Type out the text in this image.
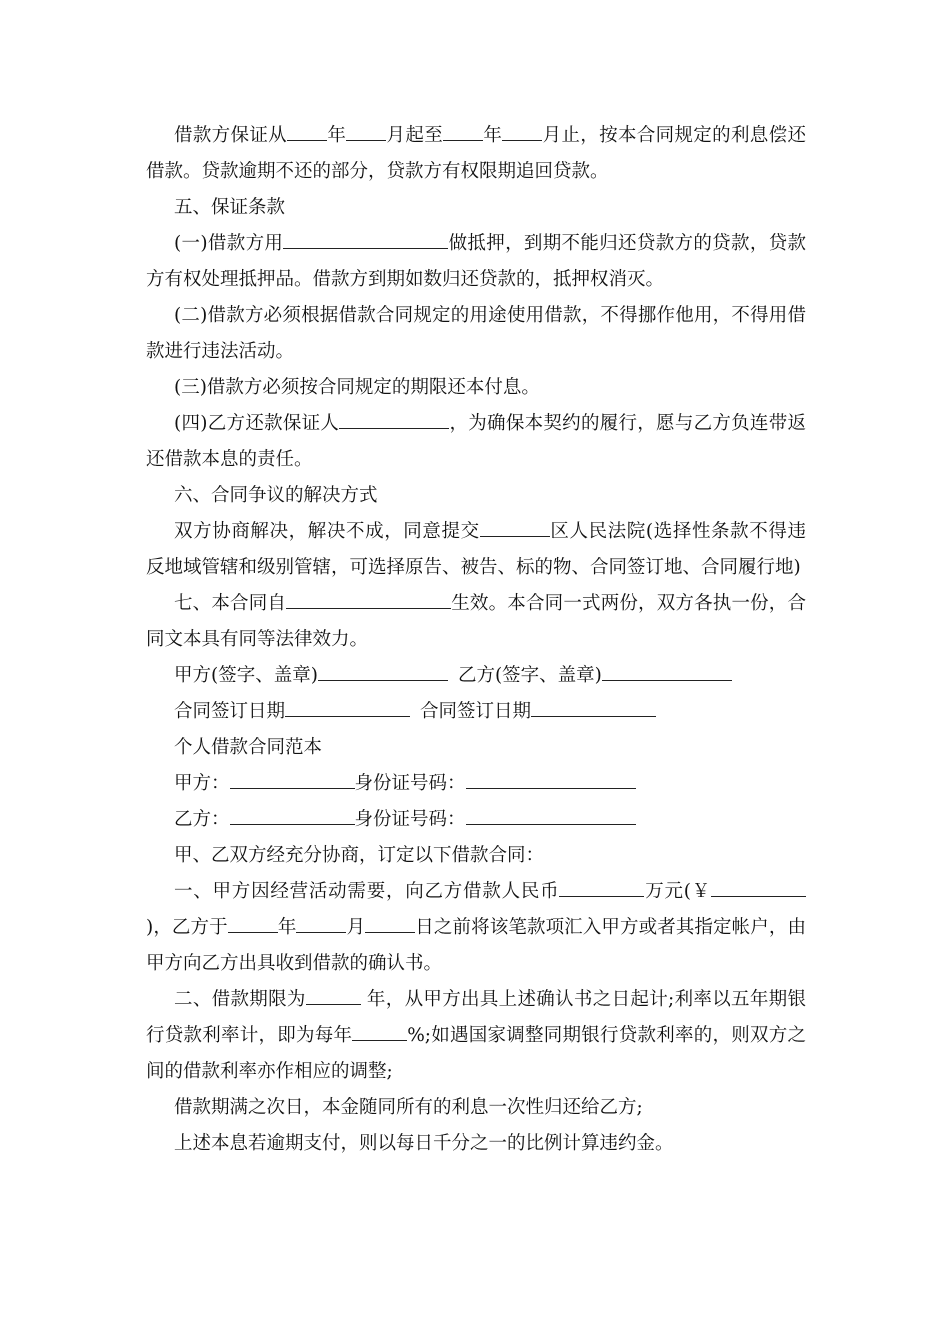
借款方保证从 年 月起至 年 月止，按本合同规定的利息偿还借款。贷款逾期不还的部分，贷款方有权限期追回贷款。

五、保证条款

(一)借款方用	做抵押，到期不能归还贷款方的贷款，贷款方有权处理抵押品。借款方到期如数归还贷款的，抵押权消灭。

(二)借款方必须根据借款合同规定的用途使用借款，不得挪作他用，不得用借款进行违法活动。

(三)借款方必须按合同规定的期限还本付息。

(四)乙方还款保证人	，为确保本契约的履行，愿与乙方负连带返还借款本息的责任。

六、合同争议的解决方式

双方协商解决，解决不成，同意提交	区人民法院(选择性条款不得违反地域管辖和级别管辖，可选择原告、被告、标的物、合同签订地、合同履行地)

七、本合同自	生效。本合同一式两份，双方各执一份，合同文本具有同等法律效力。

甲方(签字、盖章)	乙方(签字、盖章)

合同签订日期	合同签订日期

个人借款合同范本

甲方：	身份证号码：

乙方：	身份证号码：

甲、乙双方经充分协商，订定以下借款合同：

一、甲方因经营活动需要，向乙方借款人民币	万元(￥)，乙方于	年	月	日之前将该笔款项汇入甲方或者其指定帐户，由甲方向乙方出具收到借款的确认书。

二、借款期限为	年，从甲方出具上述确认书之日起计;利率以五年期银行贷款利率计，即为每年	%;如遇国家调整同期银行贷款利率的，则双方之间的借款利率亦作相应的调整;

借款期满之次日，本金随同所有的利息一次性归还给乙方;

上述本息若逾期支付，则以每日千分之一的比例计算违约金。
